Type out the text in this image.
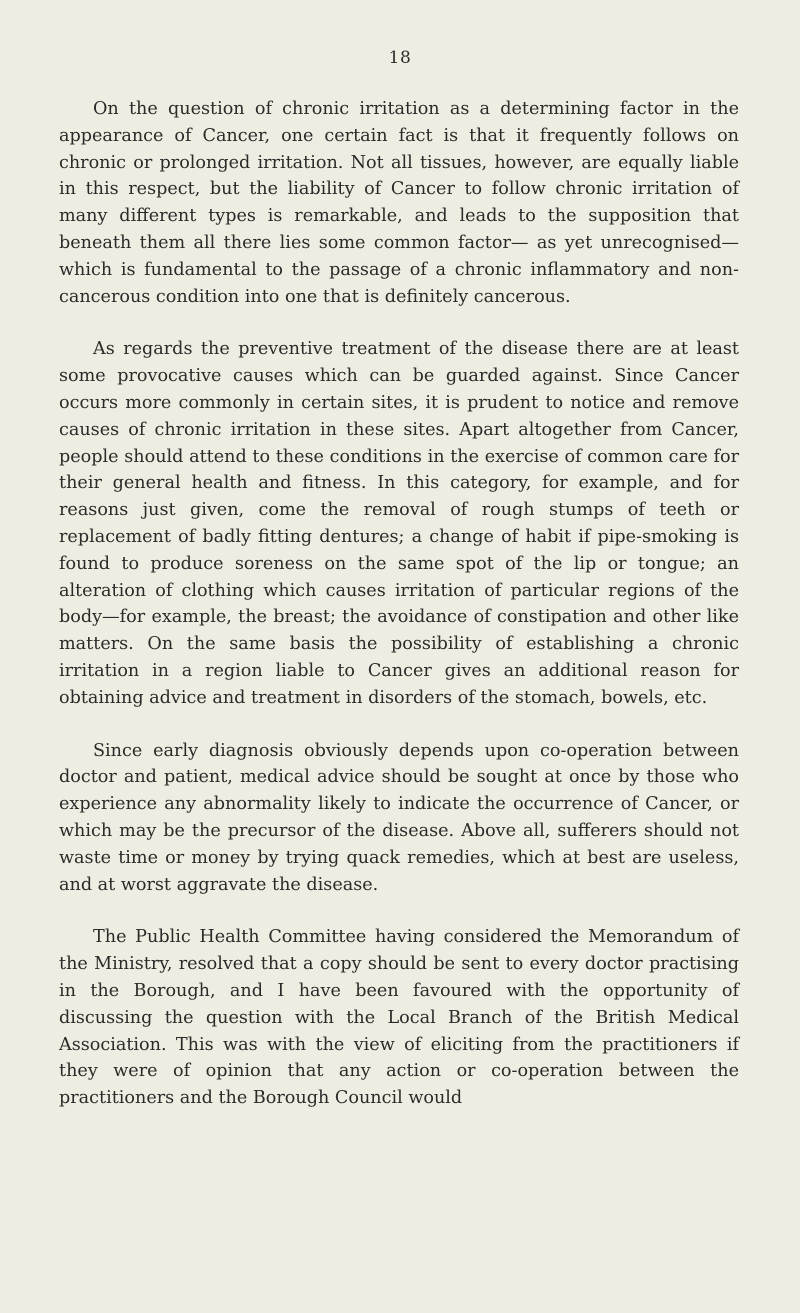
18

On the question of chronic irritation as a determining factor in the appearance of Cancer, one certain fact is that it frequently follows on chronic or prolonged irritation. Not all tissues, however, are equally liable in this respect, but the liability of Cancer to follow chronic irritation of many different types is remarkable, and leads to the supposition that beneath them all there lies some common factor— as yet unrecognised—which is fundamental to the passage of a chronic inflammatory and non-cancerous condition into one that is definitely cancerous.

As regards the preventive treatment of the disease there are at least some provocative causes which can be guarded against. Since Cancer occurs more commonly in certain sites, it is prudent to notice and remove causes of chronic irritation in these sites. Apart altogether from Cancer, people should attend to these conditions in the exercise of common care for their general health and fitness. In this category, for example, and for reasons just given, come the removal of rough stumps of teeth or replacement of badly fitting dentures; a change of habit if pipe-smoking is found to produce soreness on the same spot of the lip or tongue; an alteration of clothing which causes irritation of particular regions of the body—for example, the breast; the avoidance of constipation and other like matters. On the same basis the possibility of establishing a chronic irritation in a region liable to Cancer gives an additional reason for obtaining advice and treatment in disorders of the stomach, bowels, etc.

Since early diagnosis obviously depends upon co-operation between doctor and patient, medical advice should be sought at once by those who experience any abnormality likely to indicate the occurrence of Cancer, or which may be the precursor of the disease. Above all, sufferers should not waste time or money by trying quack remedies, which at best are useless, and at worst aggravate the disease.

The Public Health Committee having considered the Memorandum of the Ministry, resolved that a copy should be sent to every doctor practising in the Borough, and I have been favoured with the opportunity of discussing the question with the Local Branch of the British Medical Association. This was with the view of eliciting from the practitioners if they were of opinion that any action or co-operation between the practitioners and the Borough Council would
